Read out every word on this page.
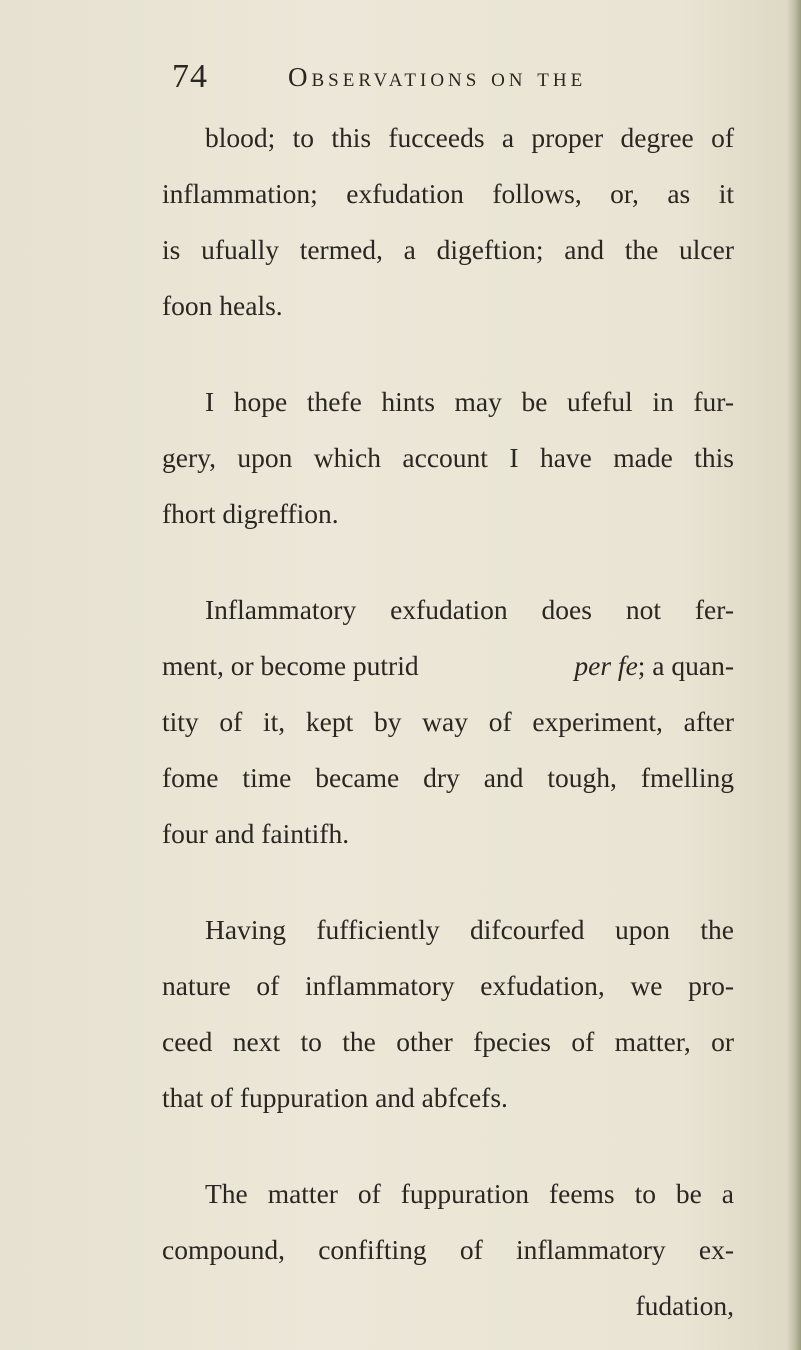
74	Observations on the
blood; to this fucceeds a proper degree of
inflammation; exfudation follows, or, as it
is ufually termed, a digeftion; and the ulcer
foon heals.
I hope thefe hints may be ufeful in fur-
gery, upon which account I have made this
fhort digreffion.
Inflammatory exfudation does not fer-
ment, or become putrid	per fe; a quan-
tity of it, kept by way of experiment, after
fome time became dry and tough, fmelling
four and faintifh.
Having fufficiently difcourfed upon the
nature of inflammatory exfudation, we pro-
ceed next to the other fpecies of matter, or
that of fuppuration and abfcefs.
The matter of fuppuration feems to be a
compound, confifting of inflammatory ex-
fudation,
